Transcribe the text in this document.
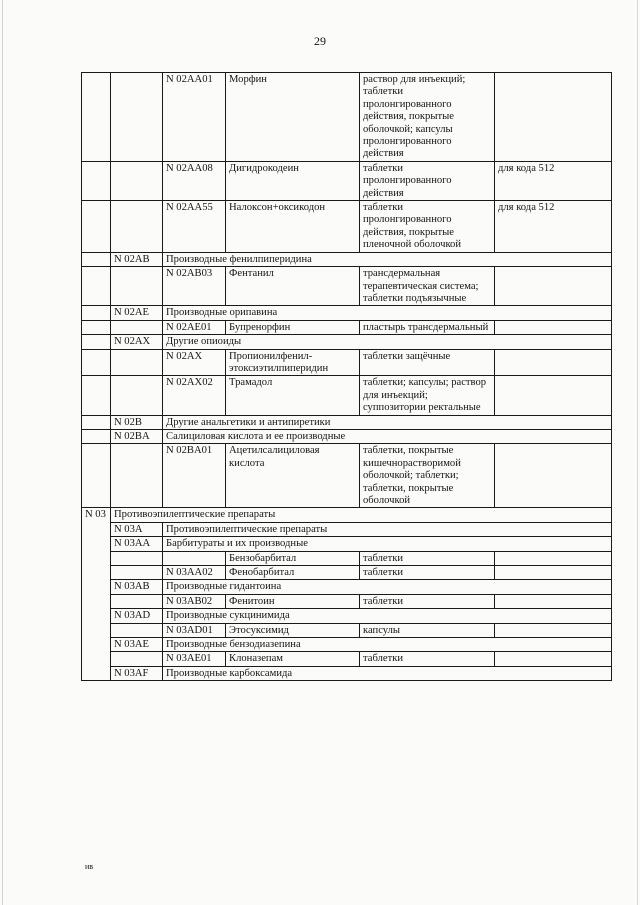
29
		N 02AA01	Морфин	раствор для инъекций; таблетки пролонгированного действия, покрытые оболочкой; капсулы пролонгированного действия	
		N 02AA08	Дигидрокодеин	таблетки пролонгированного действия	для кода 512
		N 02AA55	Налоксон+оксикодон	таблетки пролонгированного действия, покрытые пленочной оболочкой	для кода 512
	N 02AB	Производные фенилпиперидина			
		N 02AB03	Фентанил	трансдермальная терапевтическая система; таблетки подъязычные	
	N 02AE	Производные орипавина			
		N 02AE01	Бупренорфин	пластырь трансдермальный	
	N 02AX	Другие опиоиды			
		N 02AX	Пропионилфенил-этоксиэтилпиперидин	таблетки защёчные	
		N 02AX02	Трамадол	таблетки; капсулы; раствор для инъекций; суппозитории ректальные	
	N 02B	Другие анальгетики и антипиретики			
	N 02BA	Салициловая кислота и ее производные			
		N 02BA01	Ацетилсалициловая кислота	таблетки, покрытые кишечнорастворимой оболочкой; таблетки; таблетки, покрытые оболочкой	
N 03	Противоэпилептические препараты				
	N 03A	Противоэпилептические препараты			
	N 03AA	Барбитураты и их производные			
			Бензобарбитал	таблетки	
		N 03AA02	Фенобарбитал	таблетки	
	N 03AB	Производные гидантоина			
		N 03AB02	Фенитоин	таблетки	
	N 03AD	Производные сукцинимида			
		N 03AD01	Этосуксимид	капсулы	
	N 03AE	Производные бензодиазепина			
		N 03AE01	Клоназепам	таблетки	
	N 03AF	Производные карбоксамида			
ив
